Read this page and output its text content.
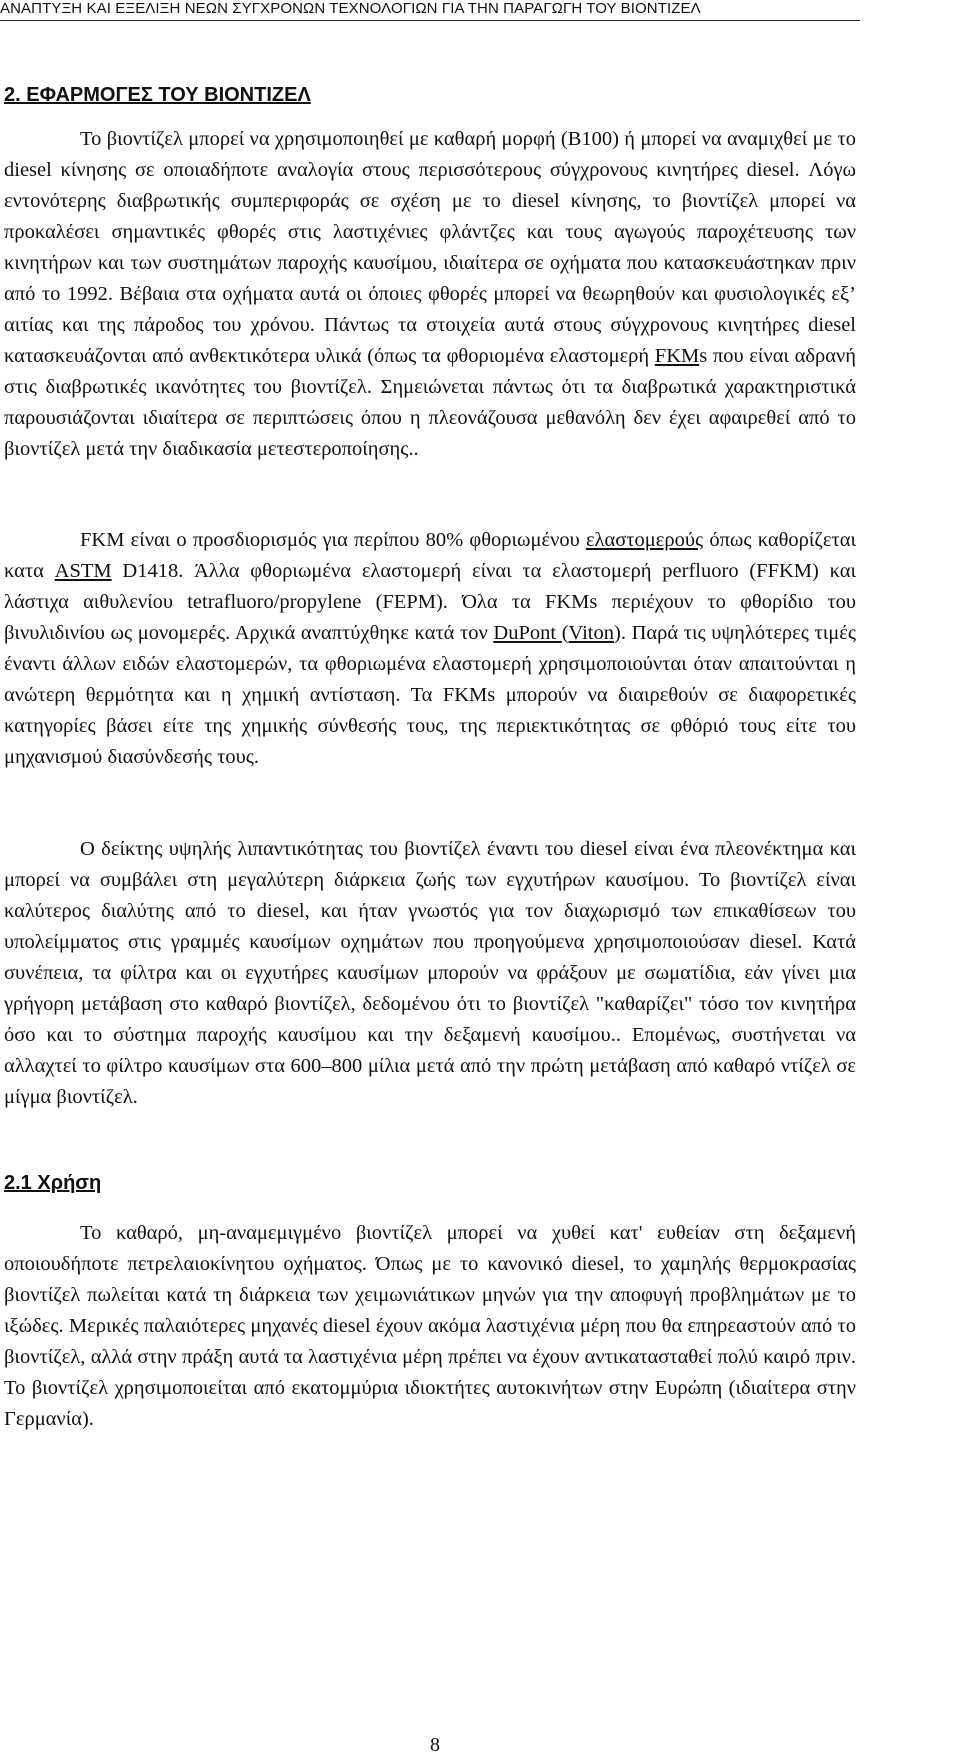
ΑΝΑΠΤΥΞΗ ΚΑΙ ΕΞΕΛΙΞΗ ΝΕΩΝ ΣΥΓΧΡΟΝΩΝ ΤΕΧΝΟΛΟΓΙΩΝ ΓΙΑ ΤΗΝ ΠΑΡΑΓΩΓΗ ΤΟΥ ΒΙΟΝΤΙΖΕΛ
2. ΕΦΑΡΜΟΓΕΣ ΤΟΥ ΒΙΟΝΤΙΖΕΛ

Το βιοντίζελ μπορεί να χρησιμοποιηθεί με καθαρή μορφή (Β100) ή μπορεί να αναμιχθεί με το diesel κίνησης σε οποιαδήποτε αναλογία στους περισσότερους σύγχρονους κινητήρες diesel. Λόγω εντονότερης διαβρωτικής συμπεριφοράς σε σχέση με το diesel κίνησης, το βιοντίζελ μπορεί να προκαλέσει σημαντικές φθορές στις λαστιχένιες φλάντζες και τους αγωγούς παροχέτευσης των κινητήρων και των συστημάτων παροχής καυσίμου, ιδιαίτερα σε οχήματα που κατασκευάστηκαν πριν από το 1992. Βέβαια στα οχήματα αυτά οι όποιες φθορές μπορεί να θεωρηθούν και φυσιολογικές εξ’ αιτίας και της πάροδος του χρόνου. Πάντως τα στοιχεία αυτά στους σύγχρονους κινητήρες diesel κατασκευάζονται από ανθεκτικότερα υλικά (όπως τα φθοριομένα ελαστομερή FKMs που είναι αδρανή στις διαβρωτικές ικανότητες του βιοντίζελ. Σημειώνεται πάντως ότι τα διαβρωτικά χαρακτηριστικά παρουσιάζονται ιδιαίτερα σε περιπτώσεις όπου η πλεονάζουσα μεθανόλη δεν έχει αφαιρεθεί από το βιοντίζελ μετά την διαδικασία μετεστεροποίησης..

FKM είναι ο προσδιορισμός για περίπου 80% φθοριωμένου ελαστομερούς όπως καθορίζεται κατα ASTM D1418. Άλλα φθοριωμένα ελαστομερή είναι τα ελαστομερή perfluoro (FFKM) και λάστιχα αιθυλενίου tetrafluoro/propylene (FEPM). Όλα τα FKMs περιέχουν το φθορίδιο του βινυλιδινίου ως μονομερές. Αρχικά αναπτύχθηκε κατά τον DuPont (Viton). Παρά τις υψηλότερες τιμές έναντι άλλων ειδών ελαστομερών, τα φθοριωμένα ελαστομερή χρησιμοποιούνται όταν απαιτούνται η ανώτερη θερμότητα και η χημική αντίσταση. Τα FKMs μπορούν να διαιρεθούν σε διαφορετικές κατηγορίες βάσει είτε της χημικής σύνθεσής τους, της περιεκτικότητας σε φθόριό τους είτε του μηχανισμού διασύνδεσής τους.

Ο δείκτης υψηλής λιπαντικότητας του βιοντίζελ έναντι του diesel είναι ένα πλεονέκτημα και μπορεί να συμβάλει στη μεγαλύτερη διάρκεια ζωής των εγχυτήρων καυσίμου. Το βιοντίζελ είναι καλύτερος διαλύτης από το diesel, και ήταν γνωστός για τον διαχωρισμό των επικαθίσεων του υπολείμματος στις γραμμές καυσίμων οχημάτων που προηγούμενα χρησιμοποιούσαν diesel. Κατά συνέπεια, τα φίλτρα και οι εγχυτήρες καυσίμων μπορούν να φράξουν με σωματίδια, εάν γίνει μια γρήγορη μετάβαση στο καθαρό βιοντίζελ, δεδομένου ότι το βιοντίζελ "καθαρίζει" τόσο τον κινητήρα όσο και το σύστημα παροχής καυσίμου και την δεξαμενή καυσίμου.. Επομένως, συστήνεται να αλλαχτεί το φίλτρο καυσίμων στα 600–800 μίλια μετά από την πρώτη μετάβαση από καθαρό ντίζελ σε μίγμα βιοντίζελ.

2.1 Χρήση

Το καθαρό, μη-αναμεμιγμένο βιοντίζελ μπορεί να χυθεί κατ' ευθείαν στη δεξαμενή οποιουδήποτε πετρελαιοκίνητου οχήματος. Όπως με το κανονικό diesel, το χαμηλής θερμοκρασίας βιοντίζελ πωλείται κατά τη διάρκεια των χειμωνιάτικων μηνών για την αποφυγή προβλημάτων με το ιξώδες. Μερικές παλαιότερες μηχανές diesel έχουν ακόμα λαστιχένια μέρη που θα επηρεαστούν από το βιοντίζελ, αλλά στην πράξη αυτά τα λαστιχένια μέρη πρέπει να έχουν αντικατασταθεί πολύ καιρό πριν. Το βιοντίζελ χρησιμοποιείται από εκατομμύρια ιδιοκτήτες αυτοκινήτων στην Ευρώπη (ιδιαίτερα στην Γερμανία).

8
